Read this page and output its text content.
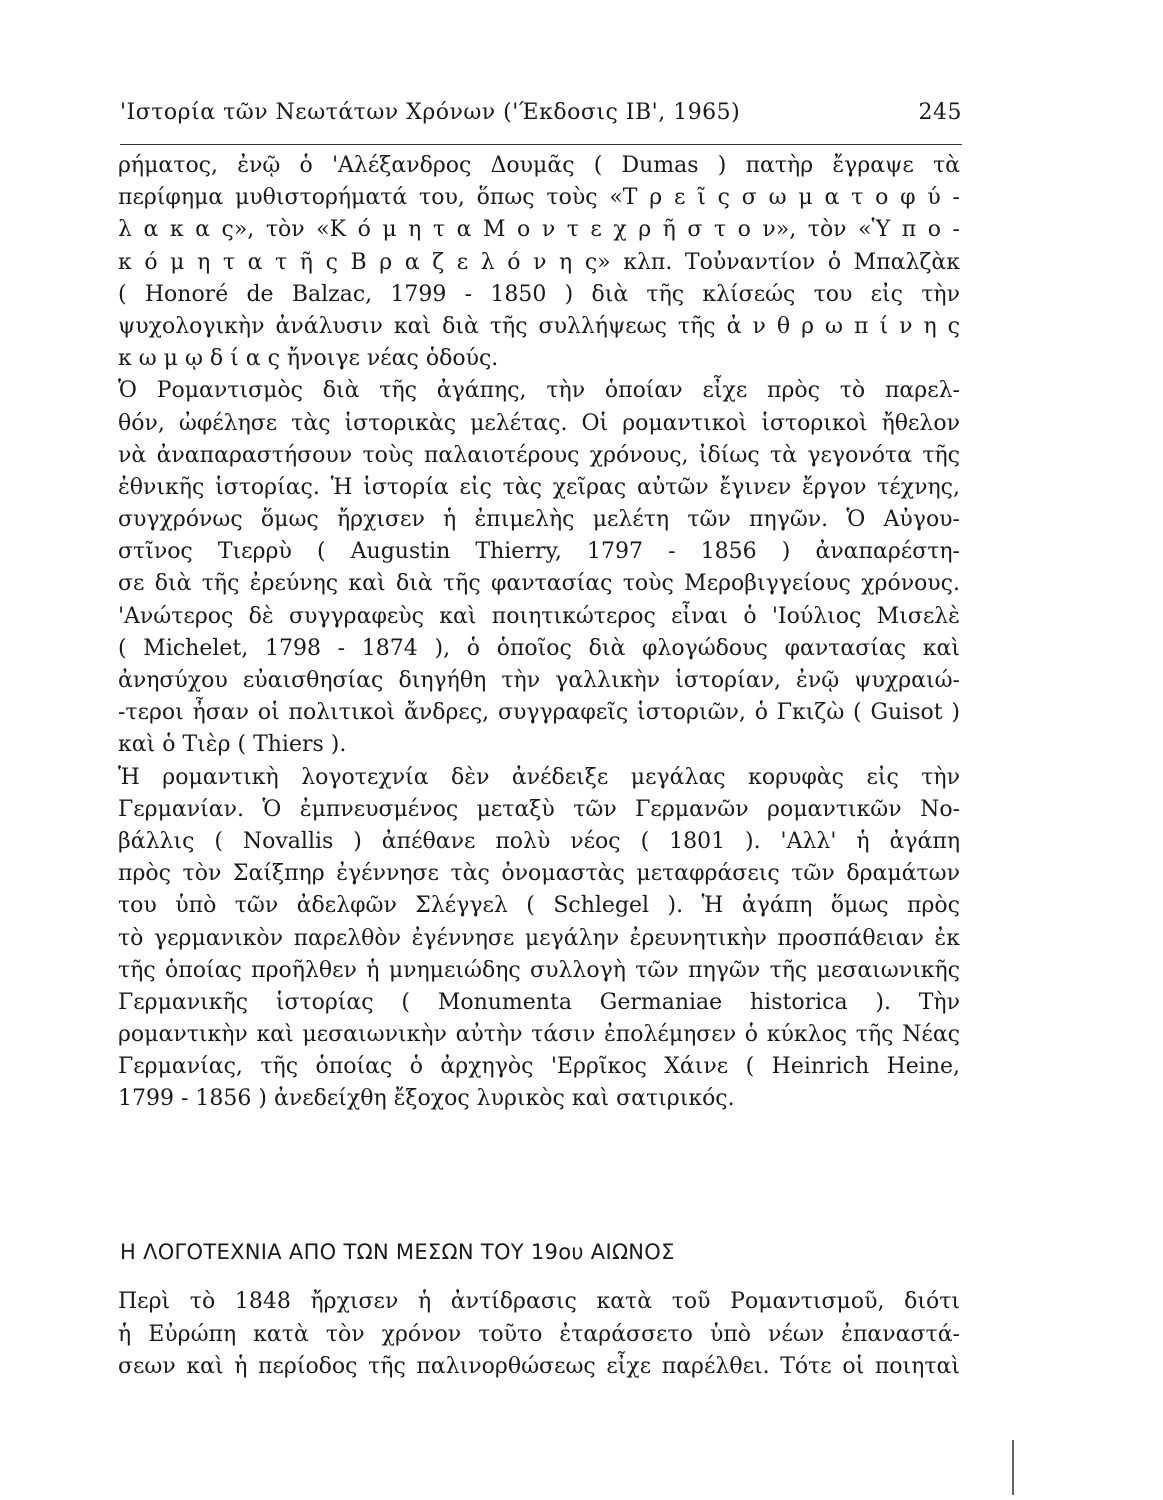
'Ιστορία τῶν Νεωτάτων Χρόνων ('Έκδοσις ΙΒ', 1965)	245
ρήματος, ἐνῷ ὁ 'Αλέξανδρος Δουμᾶς ( Dumas ) πατὴρ ἔγραψε τὰ
περίφημα μυθιστορήματά του, ὅπως τοὺς «Τ ρ ε ῖ ς σ ω μ α τ ο φ ύ -
λ α κ α ς», τὸν «Κ ό μ η τ α Μ ο ν τ ε χ ρ ῆ σ τ ο ν», τὸν «Ὑ π ο -
κ ό μ η τ α τ ῆ ς Β ρ α ζ ε λ ό ν η ς» κλπ. Τοὐναντίον ὁ Μπαλζὰκ
( Honoré de Balzac, 1799 - 1850 ) διὰ τῆς κλίσεώς του εἰς τὴν
ψυχολογικὴν ἀνάλυσιν καὶ διὰ τῆς συλλήψεως τῆς ἀ ν θ ρ ω π ί ν η ς
κ ω μ ῳ δ ί α ς ἤνοιγε νέας ὁδούς.
Ὁ Ρομαντισμὸς διὰ τῆς ἀγάπης, τὴν ὁποίαν εἶχε πρὸς τὸ παρελ-
θόν, ὠφέλησε τὰς ἱστορικὰς μελέτας. Οἱ ρομαντικοὶ ἱστορικοὶ ἤθελον
νὰ ἀναπαραστήσουν τοὺς παλαιοτέρους χρόνους, ἰδίως τὰ γεγονότα τῆς
ἐθνικῆς ἱστορίας. Ἡ ἱστορία εἰς τὰς χεῖρας αὐτῶν ἔγινεν ἔργον τέχνης,
συγχρόνως ὅμως ἤρχισεν ἡ ἐπιμελὴς μελέτη τῶν πηγῶν. Ὁ Αὐγου-
στῖνος Τιερρὺ ( Augustin Thierry, 1797 - 1856 ) ἀναπαρέστη-
σε διὰ τῆς ἐρεύνης καὶ διὰ τῆς φαντασίας τοὺς Μεροβιγγείους χρόνους.
'Ανώτερος δὲ συγγραφεὺς καὶ ποιητικώτερος εἶναι ὁ 'Ιούλιος Μισελὲ
( Michelet, 1798 - 1874 ), ὁ ὁποῖος διὰ φλογώδους φαντασίας καὶ
ἀνησύχου εὐαισθησίας διηγήθη τὴν γαλλικὴν ἱστορίαν, ἐνῷ ψυχραιώ-
-τεροι ἦσαν οἱ πολιτικοὶ ἄνδρες, συγγραφεῖς ἱστοριῶν, ὁ Γκιζὼ ( Guisot )
καὶ ὁ Τιὲρ ( Thiers ).
Ἡ ρομαντικὴ λογοτεχνία δὲν ἀνέδειξε μεγάλας κορυφὰς εἰς τὴν
Γερμανίαν. Ὁ ἐμπνευσμένος μεταξὺ τῶν Γερμανῶν ρομαντικῶν Νο-
βάλλις ( Novallis ) ἀπέθανε πολὺ νέος ( 1801 ). 'Αλλ' ἡ ἀγάπη
πρὸς τὸν Σαίξπηρ ἐγέννησε τὰς ὀνομαστὰς μεταφράσεις τῶν δραμάτων
του ὑπὸ τῶν ἀδελφῶν Σλέγγελ ( Schlegel ). Ἡ ἀγάπη ὅμως πρὸς
τὸ γερμανικὸν παρελθὸν ἐγέννησε μεγάλην ἐρευνητικὴν προσπάθειαν ἐκ
τῆς ὁποίας προῆλθεν ἡ μνημειώδης συλλογὴ τῶν πηγῶν τῆς μεσαιωνικῆς
Γερμανικῆς ἱστορίας ( Monumenta Germaniae historica ). Τὴν
ρομαντικὴν καὶ μεσαιωνικὴν αὐτὴν τάσιν ἐπολέμησεν ὁ κύκλος τῆς Νέας
Γερμανίας, τῆς ὁποίας ὁ ἀρχηγὸς 'Ερρῖκος Χάινε ( Heinrich Heine,
1799 - 1856 ) ἀνεδείχθη ἔξοχος λυρικὸς καὶ σατιρικός.
Η ΛΟΓΟΤΕΧΝΙΑ ΑΠΟ ΤΩΝ ΜΕΣΩΝ ΤΟΥ 19ου ΑΙΩΝΟΣ
Περὶ τὸ 1848 ἤρχισεν ἡ ἀντίδρασις κατὰ τοῦ Ρομαντισμοῦ, διότι
ἡ Εὐρώπη κατὰ τὸν χρόνον τοῦτο ἐταράσσετο ὑπὸ νέων ἐπαναστά-
σεων καὶ ἡ περίοδος τῆς παλινορθώσεως εἶχε παρέλθει. Τότε οἱ ποιηταὶ
